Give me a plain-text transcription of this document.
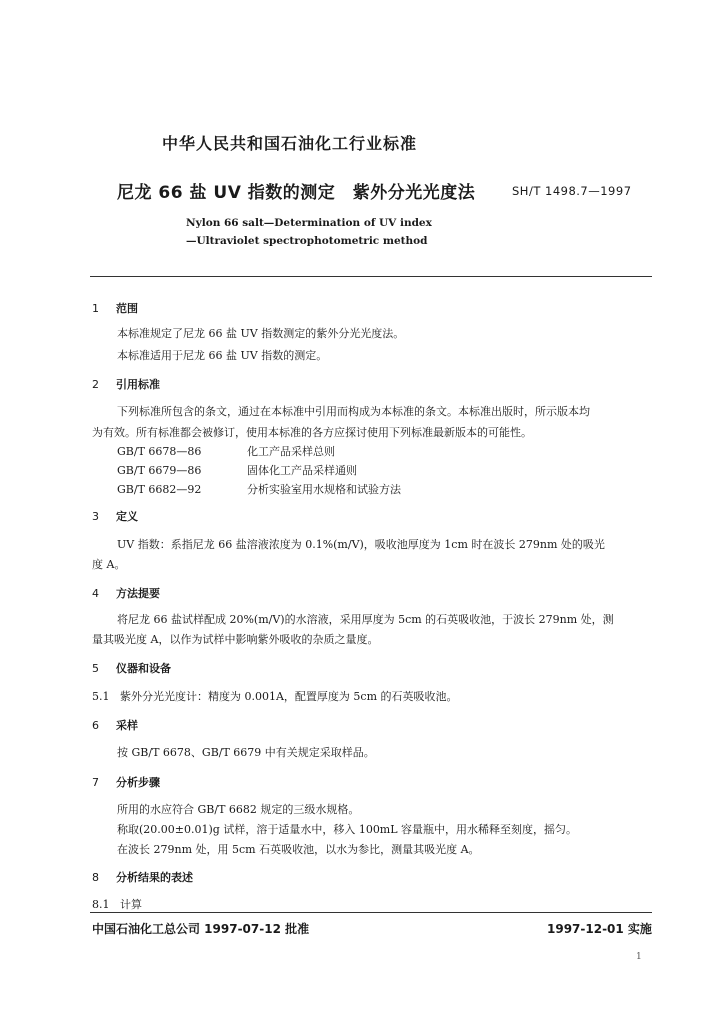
中华人民共和国石油化工行业标准
尼龙 66 盐 UV 指数的测定　紫外分光光度法	SH/T 1498.7—1997
Nylon 66 salt—Determination of UV index
—Ultraviolet spectrophotometric method
1 范围
本标准规定了尼龙 66 盐 UV 指数测定的紫外分光光度法。
本标准适用于尼龙 66 盐 UV 指数的测定。
2 引用标准
下列标准所包含的条文，通过在本标准中引用而构成为本标准的条文。本标准出版时，所示版本均
为有效。所有标准都会被修订，使用本标准的各方应探讨使用下列标准最新版本的可能性。
GB/T 6678—86	化工产品采样总则
GB/T 6679—86	固体化工产品采样通则
GB/T 6682—92	分析实验室用水规格和试验方法
3 定义
UV 指数：系指尼龙 66 盐溶液浓度为 0.1%(m/V)，吸收池厚度为 1cm 时在波长 279nm 处的吸光
度 A。
4 方法提要
将尼龙 66 盐试样配成 20%(m/V)的水溶液，采用厚度为 5cm 的石英吸收池，于波长 279nm 处，测
量其吸光度 A，以作为试样中影响紫外吸收的杂质之量度。
5 仪器和设备
5.1 紫外分光光度计：精度为 0.001A，配置厚度为 5cm 的石英吸收池。
6 采样
按 GB/T 6678、GB/T 6679 中有关规定采取样品。
7 分析步骤
所用的水应符合 GB/T 6682 规定的三级水规格。
称取(20.00±0.01)g 试样，溶于适量水中，移入 100mL 容量瓶中，用水稀释至刻度，摇匀。
在波长 279nm 处，用 5cm 石英吸收池，以水为参比，测量其吸光度 A。
8 分析结果的表述
8.1 计算
中国石油化工总公司 1997-07-12 批准	1997-12-01 实施
1
